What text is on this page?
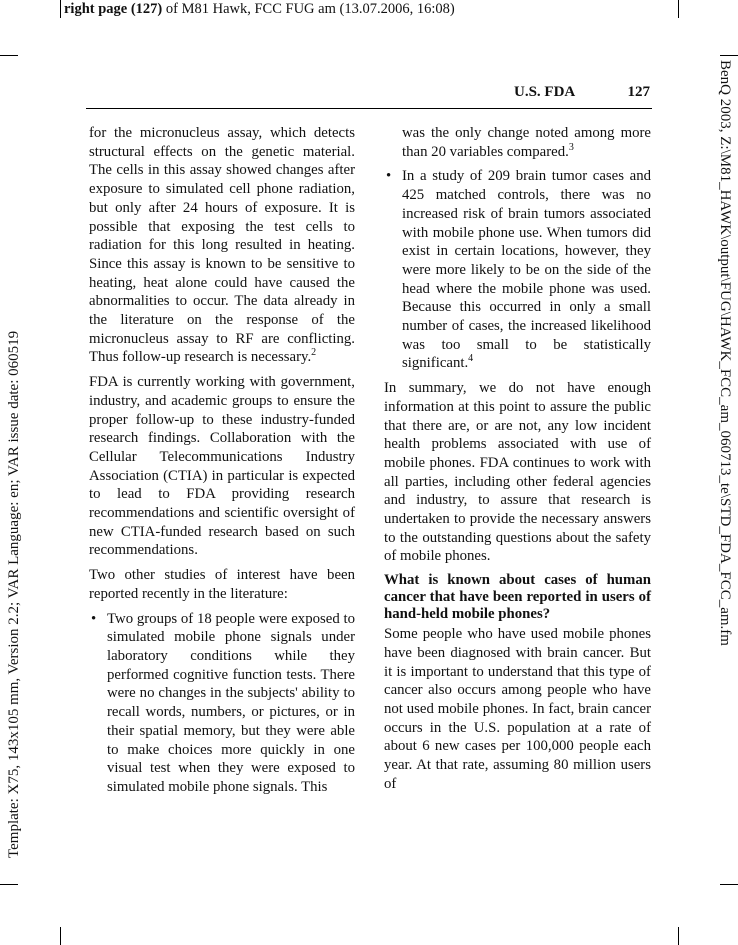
right page (127) of M81 Hawk, FCC FUG am (13.07.2006, 16:08)
Template: X75, 143x105 mm, Version 2.2; VAR Language: en; VAR issue date: 060519	BenQ 2003, Z:\M81_HAWK\output\FUG\HAWK_FCC_am_060713_te\STD_FDA_FCC_am.fm
U.S. FDA	127

for the micronucleus assay, which detects structural effects on the genetic material. The cells in this assay showed changes after exposure to simulated cell phone radiation, but only after 24 hours of exposure. It is possible that exposing the test cells to radiation for this long resulted in heating. Since this assay is known to be sensitive to heating, heat alone could have caused the abnormalities to occur. The data already in the literature on the response of the micronucleus assay to RF are conflicting. Thus follow-up research is necessary.$^2$

FDA is currently working with government, industry, and academic groups to ensure the proper follow-up to these industry-funded research findings. Collaboration with the Cellular Telecommunications Industry Association (CTIA) in particular is expected to lead to FDA providing research recommendations and scientific oversight of new CTIA-funded research based on such recommendations.

Two other studies of interest have been reported recently in the literature:

• Two groups of 18 people were exposed to simulated mobile phone signals under laboratory conditions while they performed cognitive function tests. There were no changes in the subjects' ability to recall words, numbers, or pictures, or in their spatial memory, but they were able to make choices more quickly in one visual test when they were exposed to simulated mobile phone signals. This
was the only change noted among more than 20 variables compared.$^3$
• In a study of 209 brain tumor cases and 425 matched controls, there was no increased risk of brain tumors associated with mobile phone use. When tumors did exist in certain locations, however, they were more likely to be on the side of the head where the mobile phone was used. Because this occurred in only a small number of cases, the increased likelihood was too small to be statistically significant.$^4$

In summary, we do not have enough information at this point to assure the public that there are, or are not, any low incident health problems associated with use of mobile phones. FDA continues to work with all parties, including other federal agencies and industry, to assure that research is undertaken to provide the necessary answers to the outstanding questions about the safety of mobile phones.

What is known about cases of human cancer that have been reported in users of hand-held mobile phones?

Some people who have used mobile phones have been diagnosed with brain cancer. But it is important to understand that this type of cancer also occurs among people who have not used mobile phones. In fact, brain cancer occurs in the U.S. population at a rate of about 6 new cases per 100,000 people each year. At that rate, assuming 80 million users of
